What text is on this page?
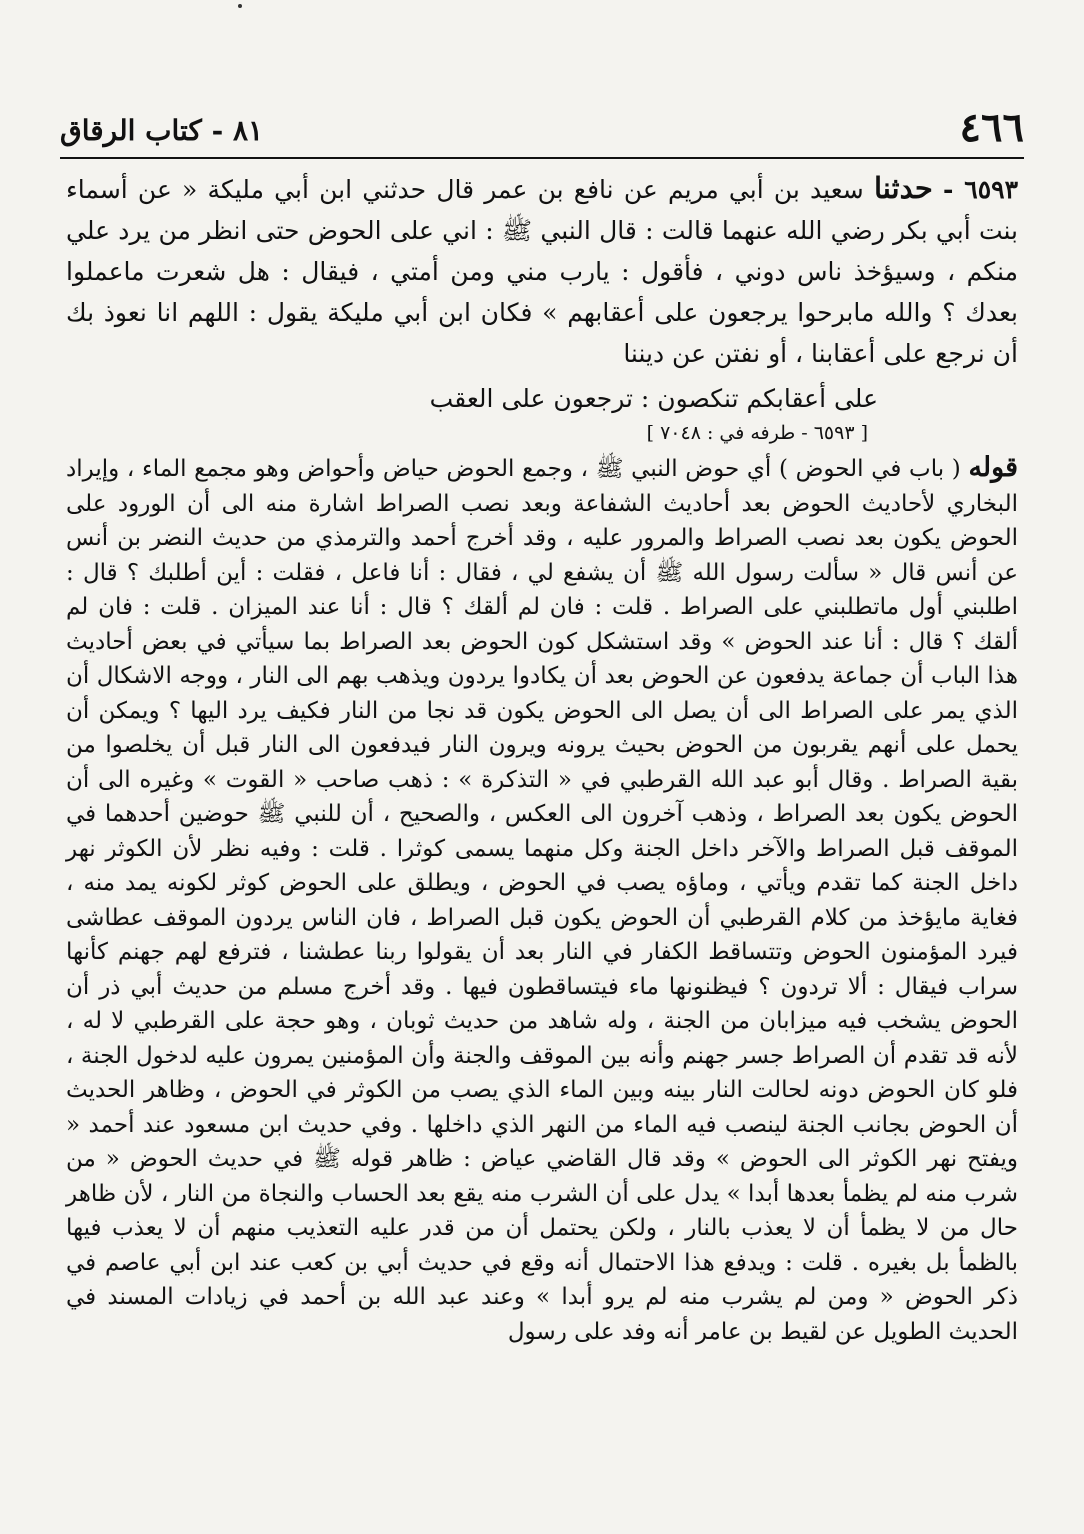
٤٦٦
٨١ - كتاب الرقاق

٦٥٩٣ - حدثنا سعيد بن أبي مريم عن نافع بن عمر قال حدثني ابن أبي مليكة « عن أسماء بنت أبي بكر رضي الله عنهما قالت : قال النبي ﷺ : اني على الحوض حتى انظر من يرد علي منكم ، وسيؤخذ ناس دوني ، فأقول : يارب مني ومن أمتي ، فيقال : هل شعرت ماعملوا بعدك ؟ والله مابرحوا يرجعون على أعقابهم » فكان ابن أبي مليكة يقول : اللهم انا نعوذ بك أن نرجع على أعقابنا ، أو نفتن عن ديننا

على أعقابكم تنكصون : ترجعون على العقب

[ ٦٥٩٣ - طرفه في : ٧٠٤٨ ]

قوله ( باب في الحوض ) أي حوض النبي ﷺ ، وجمع الحوض حياض وأحواض وهو مجمع الماء ، وإيراد البخاري لأحاديث الحوض بعد أحاديث الشفاعة وبعد نصب الصراط اشارة منه الى أن الورود على الحوض يكون بعد نصب الصراط والمرور عليه ، وقد أخرج أحمد والترمذي من حديث النضر بن أنس عن أنس قال « سألت رسول الله ﷺ أن يشفع لي ، فقال : أنا فاعل ، فقلت : أين أطلبك ؟ قال : اطلبني أول ماتطلبني على الصراط . قلت : فان لم ألقك ؟ قال : أنا عند الميزان . قلت : فان لم ألقك ؟ قال : أنا عند الحوض » وقد استشكل كون الحوض بعد الصراط بما سيأتي في بعض أحاديث هذا الباب أن جماعة يدفعون عن الحوض بعد أن يكادوا يردون ويذهب بهم الى النار ، ووجه الاشكال أن الذي يمر على الصراط الى أن يصل الى الحوض يكون قد نجا من النار فكيف يرد اليها ؟ ويمكن أن يحمل على أنهم يقربون من الحوض بحيث يرونه ويرون النار فيدفعون الى النار قبل أن يخلصوا من بقية الصراط . وقال أبو عبد الله القرطبي في « التذكرة » : ذهب صاحب « القوت » وغيره الى أن الحوض يكون بعد الصراط ، وذهب آخرون الى العكس ، والصحيح ، أن للنبي ﷺ حوضين أحدهما في الموقف قبل الصراط والآخر داخل الجنة وكل منهما يسمى كوثرا . قلت : وفيه نظر لأن الكوثر نهر داخل الجنة كما تقدم ويأتي ، وماؤه يصب في الحوض ، ويطلق على الحوض كوثر لكونه يمد منه ، فغاية مايؤخذ من كلام القرطبي أن الحوض يكون قبل الصراط ، فان الناس يردون الموقف عطاشى فيرد المؤمنون الحوض وتتساقط الكفار في النار بعد أن يقولوا ربنا عطشنا ، فترفع لهم جهنم كأنها سراب فيقال : ألا تردون ؟ فيظنونها ماء فيتساقطون فيها . وقد أخرج مسلم من حديث أبي ذر أن الحوض يشخب فيه ميزابان من الجنة ، وله شاهد من حديث ثوبان ، وهو حجة على القرطبي لا له ، لأنه قد تقدم أن الصراط جسر جهنم وأنه بين الموقف والجنة وأن المؤمنين يمرون عليه لدخول الجنة ، فلو كان الحوض دونه لحالت النار بينه وبين الماء الذي يصب من الكوثر في الحوض ، وظاهر الحديث أن الحوض بجانب الجنة لينصب فيه الماء من النهر الذي داخلها . وفي حديث ابن مسعود عند أحمد « ويفتح نهر الكوثر الى الحوض » وقد قال القاضي عياض : ظاهر قوله ﷺ في حديث الحوض « من شرب منه لم يظمأ بعدها أبدا » يدل على أن الشرب منه يقع بعد الحساب والنجاة من النار ، لأن ظاهر حال من لا يظمأ أن لا يعذب بالنار ، ولكن يحتمل أن من قدر عليه التعذيب منهم أن لا يعذب فيها بالظمأ بل بغيره . قلت : ويدفع هذا الاحتمال أنه وقع في حديث أبي بن كعب عند ابن أبي عاصم في ذكر الحوض « ومن لم يشرب منه لم يرو أبدا » وعند عبد الله بن أحمد في زيادات المسند في الحديث الطويل عن لقيط بن عامر أنه وفد على رسول
